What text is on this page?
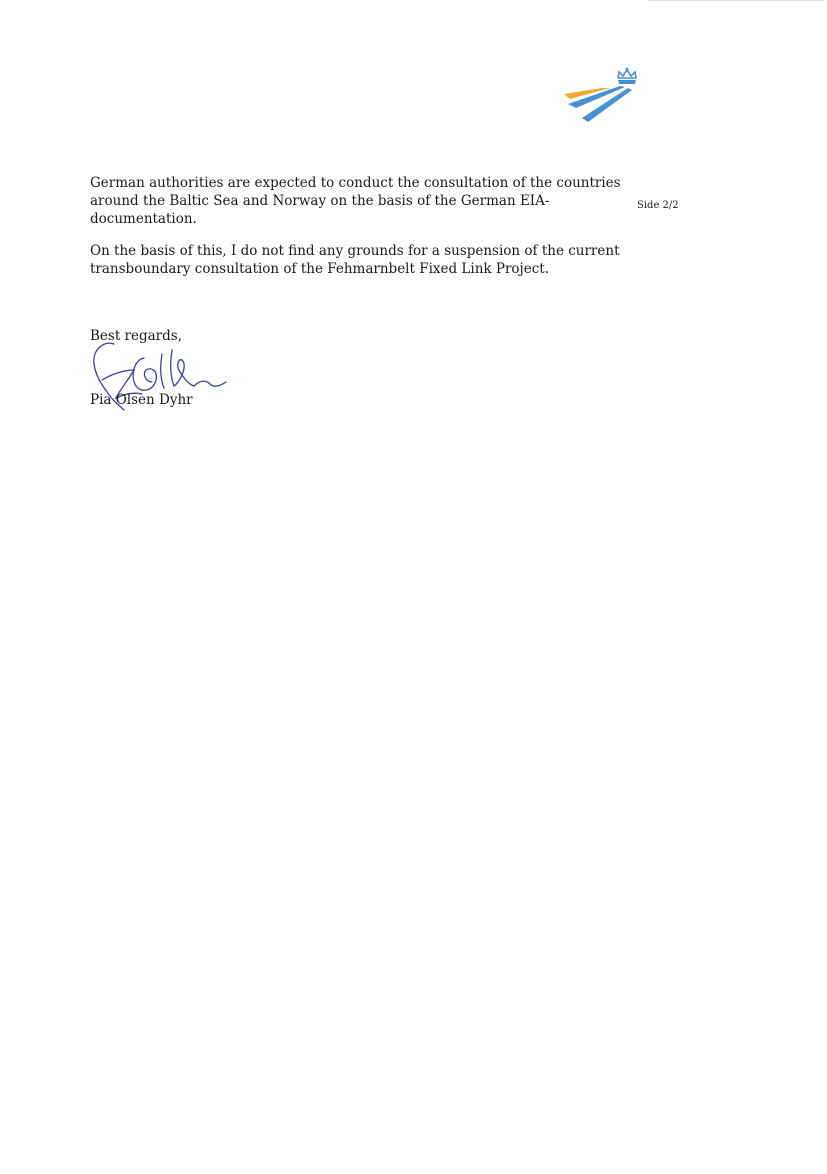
Side 2/2
German authorities are expected to conduct the consultation of the countries
around the Baltic Sea and Norway on the basis of the German EIA-
documentation.
On the basis of this, I do not find any grounds for a suspension of the current
transboundary consultation of the Fehmarnbelt Fixed Link Project.
Best regards,
Pia Olsen Dyhr
